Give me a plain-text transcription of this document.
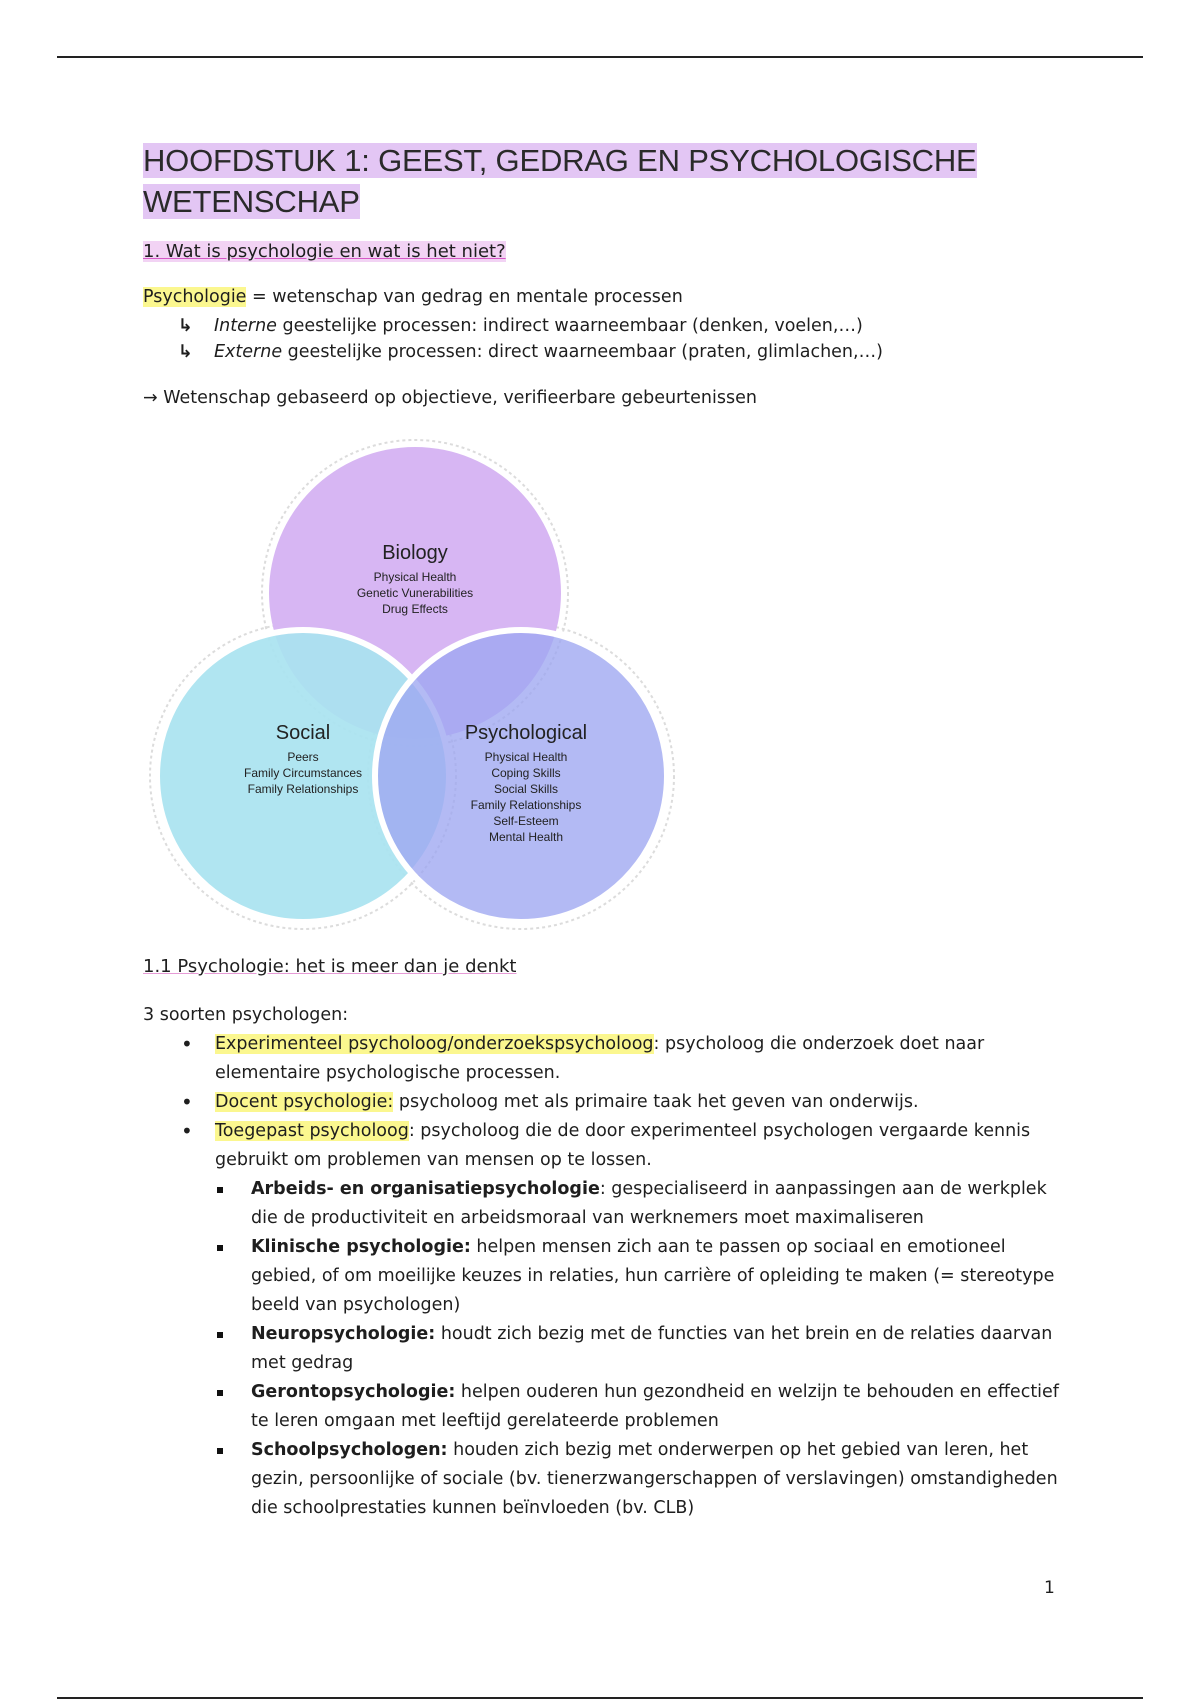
HOOFDSTUK 1: GEEST, GEDRAG EN PSYCHOLOGISCHE WETENSCHAP
1. Wat is psychologie en wat is het niet?
Psychologie = wetenschap van gedrag en mentale processen
↳ Interne geestelijke processen: indirect waarneembaar (denken, voelen,…)
↳ Externe geestelijke processen: direct waarneembaar (praten, glimlachen,…)
→ Wetenschap gebaseerd op objectieve, verifieerbare gebeurtenissen
Biology
Physical Health
Genetic Vunerabilities
Drug Effects
Social
Peers
Family Circumstances
Family Relationships
Psychological
Physical Health
Coping Skills
Social Skills
Family Relationships
Self-Esteem
Mental Health
1.1 Psychologie: het is meer dan je denkt
3 soorten psychologen:
• Experimenteel psycholoog/onderzoekspsycholoog: psycholoog die onderzoek doet naar elementaire psychologische processen.
• Docent psychologie: psycholoog met als primaire taak het geven van onderwijs.
• Toegepast psycholoog: psycholoog die de door experimenteel psychologen vergaarde kennis gebruikt om problemen van mensen op te lossen.
Arbeids- en organisatiepsychologie: gespecialiseerd in aanpassingen aan de werkplek die de productiviteit en arbeidsmoraal van werknemers moet maximaliseren
Klinische psychologie: helpen mensen zich aan te passen op sociaal en emotioneel gebied, of om moeilijke keuzes in relaties, hun carrière of opleiding te maken (= stereotype beeld van psychologen)
Neuropsychologie: houdt zich bezig met de functies van het brein en de relaties daarvan met gedrag
Gerontopsychologie: helpen ouderen hun gezondheid en welzijn te behouden en effectief te leren omgaan met leeftijd gerelateerde problemen
Schoolpsychologen: houden zich bezig met onderwerpen op het gebied van leren, het gezin, persoonlijke of sociale (bv. tienerzwangerschappen of verslavingen) omstandigheden die schoolprestaties kunnen beïnvloeden (bv. CLB)
1
